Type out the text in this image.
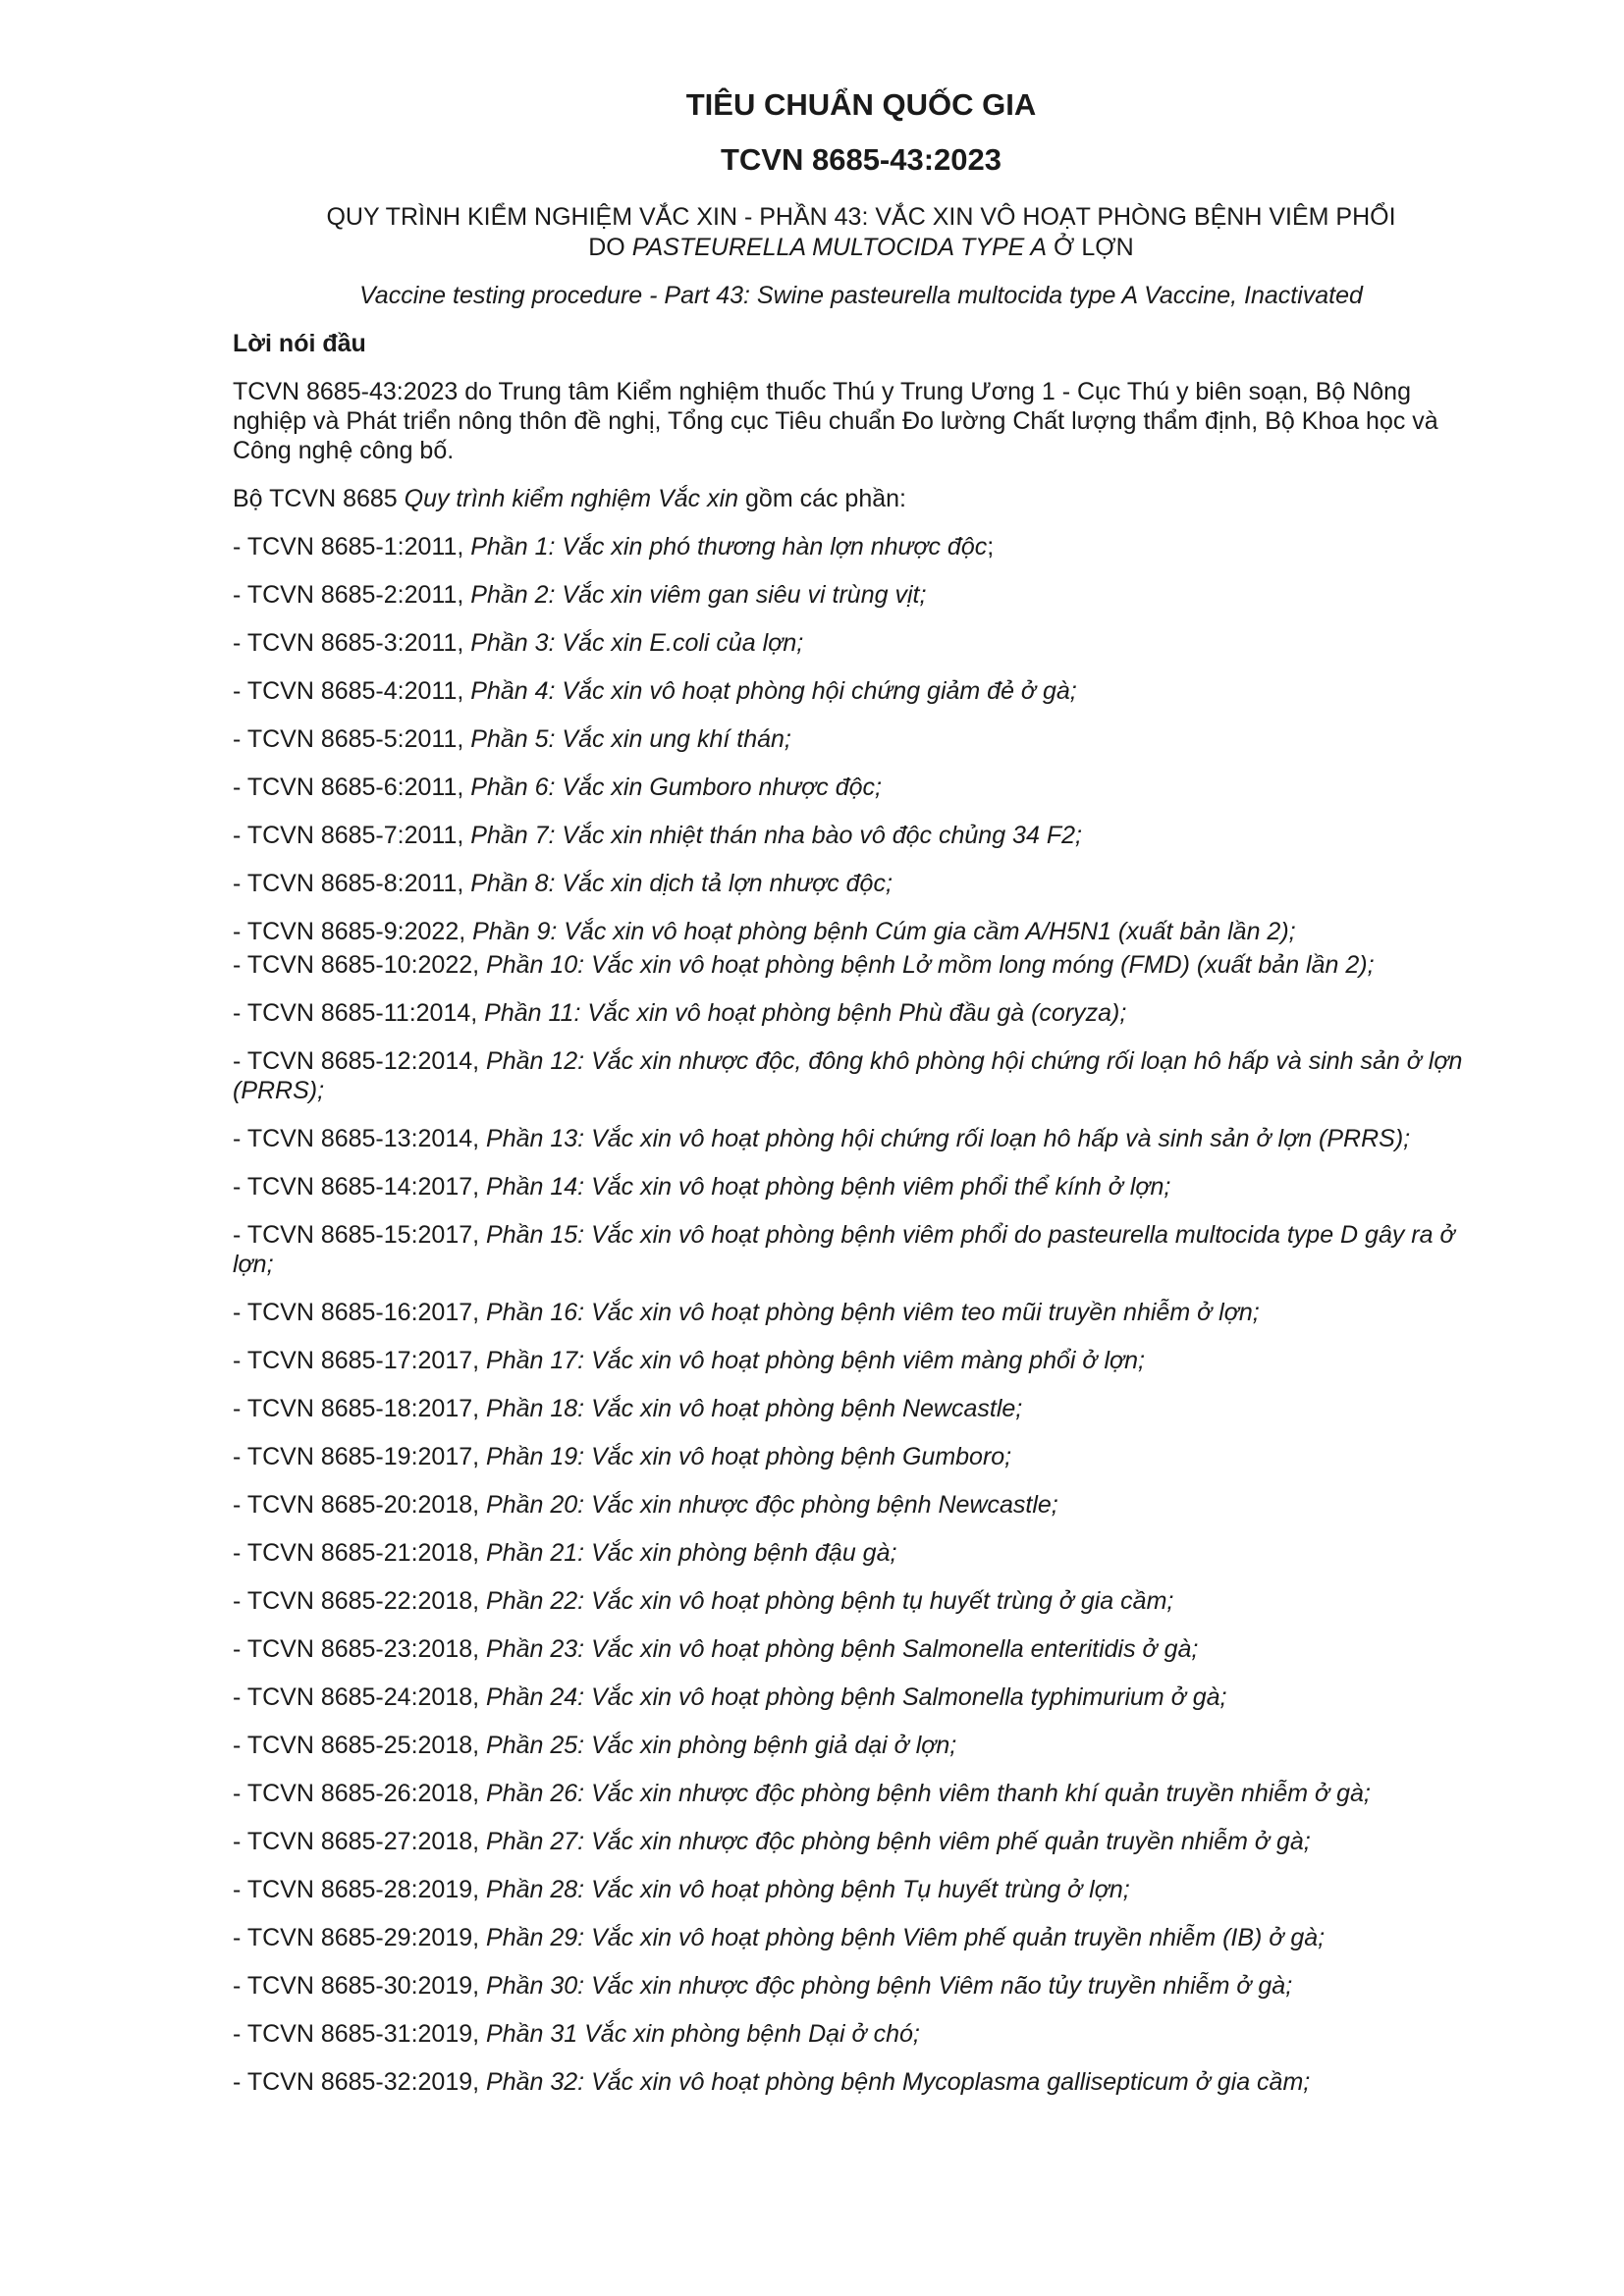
TIÊU CHUẨN QUỐC GIA
TCVN 8685-43:2023
QUY TRÌNH KIỂM NGHIỆM VẮC XIN - PHẦN 43: VẮC XIN VÔ HOẠT PHÒNG BỆNH VIÊM PHỔI
DO PASTEURELLA MULTOCIDA TYPE A Ở LỢN
Vaccine testing procedure - Part 43: Swine pasteurella multocida type A Vaccine, Inactivated
Lời nói đầu
TCVN 8685-43:2023 do Trung tâm Kiểm nghiệm thuốc Thú y Trung Ương 1 - Cục Thú y biên soạn, Bộ Nông nghiệp và Phát triển nông thôn đề nghị, Tổng cục Tiêu chuẩn Đo lường Chất lượng thẩm định, Bộ Khoa học và Công nghệ công bố.
Bộ TCVN 8685 Quy trình kiểm nghiệm Vắc xin gồm các phần:
- TCVN 8685-1:2011, Phần 1: Vắc xin phó thương hàn lợn nhược độc;
- TCVN 8685-2:2011, Phần 2: Vắc xin viêm gan siêu vi trùng vịt;
- TCVN 8685-3:2011, Phần 3: Vắc xin E.coli của lợn;
- TCVN 8685-4:2011, Phần 4: Vắc xin vô hoạt phòng hội chứng giảm đẻ ở gà;
- TCVN 8685-5:2011, Phần 5: Vắc xin ung khí thán;
- TCVN 8685-6:2011, Phần 6: Vắc xin Gumboro nhược độc;
- TCVN 8685-7:2011, Phần 7: Vắc xin nhiệt thán nha bào vô độc chủng 34 F2;
- TCVN 8685-8:2011, Phần 8: Vắc xin dịch tả lợn nhược độc;
- TCVN 8685-9:2022, Phần 9: Vắc xin vô hoạt phòng bệnh Cúm gia cầm A/H5N1 (xuất bản lần 2);
- TCVN 8685-10:2022, Phần 10: Vắc xin vô hoạt phòng bệnh Lở mồm long móng (FMD) (xuất bản lần 2);
- TCVN 8685-11:2014, Phần 11: Vắc xin vô hoạt phòng bệnh Phù đầu gà (coryza);
- TCVN 8685-12:2014, Phần 12: Vắc xin nhược độc, đông khô phòng hội chứng rối loạn hô hấp và sinh sản ở lợn (PRRS);
- TCVN 8685-13:2014, Phần 13: Vắc xin vô hoạt phòng hội chứng rối loạn hô hấp và sinh sản ở lợn (PRRS);
- TCVN 8685-14:2017, Phần 14: Vắc xin vô hoạt phòng bệnh viêm phổi thể kính ở lợn;
- TCVN 8685-15:2017, Phần 15: Vắc xin vô hoạt phòng bệnh viêm phổi do pasteurella multocida type D gây ra ở lợn;
- TCVN 8685-16:2017, Phần 16: Vắc xin vô hoạt phòng bệnh viêm teo mũi truyền nhiễm ở lợn;
- TCVN 8685-17:2017, Phần 17: Vắc xin vô hoạt phòng bệnh viêm màng phổi ở lợn;
- TCVN 8685-18:2017, Phần 18: Vắc xin vô hoạt phòng bệnh Newcastle;
- TCVN 8685-19:2017, Phần 19: Vắc xin vô hoạt phòng bệnh Gumboro;
- TCVN 8685-20:2018, Phần 20: Vắc xin nhược độc phòng bệnh Newcastle;
- TCVN 8685-21:2018, Phần 21: Vắc xin phòng bệnh đậu gà;
- TCVN 8685-22:2018, Phần 22: Vắc xin vô hoạt phòng bệnh tụ huyết trùng ở gia cầm;
- TCVN 8685-23:2018, Phần 23: Vắc xin vô hoạt phòng bệnh Salmonella enteritidis ở gà;
- TCVN 8685-24:2018, Phần 24: Vắc xin vô hoạt phòng bệnh Salmonella typhimurium ở gà;
- TCVN 8685-25:2018, Phần 25: Vắc xin phòng bệnh giả dại ở lợn;
- TCVN 8685-26:2018, Phần 26: Vắc xin nhược độc phòng bệnh viêm thanh khí quản truyền nhiễm ở gà;
- TCVN 8685-27:2018, Phần 27: Vắc xin nhược độc phòng bệnh viêm phế quản truyền nhiễm ở gà;
- TCVN 8685-28:2019, Phần 28: Vắc xin vô hoạt phòng bệnh Tụ huyết trùng ở lợn;
- TCVN 8685-29:2019, Phần 29: Vắc xin vô hoạt phòng bệnh Viêm phế quản truyền nhiễm (IB) ở gà;
- TCVN 8685-30:2019, Phần 30: Vắc xin nhược độc phòng bệnh Viêm não tủy truyền nhiễm ở gà;
- TCVN 8685-31:2019, Phần 31 Vắc xin phòng bệnh Dại ở chó;
- TCVN 8685-32:2019, Phần 32: Vắc xin vô hoạt phòng bệnh Mycoplasma gallisepticum ở gia cầm;
